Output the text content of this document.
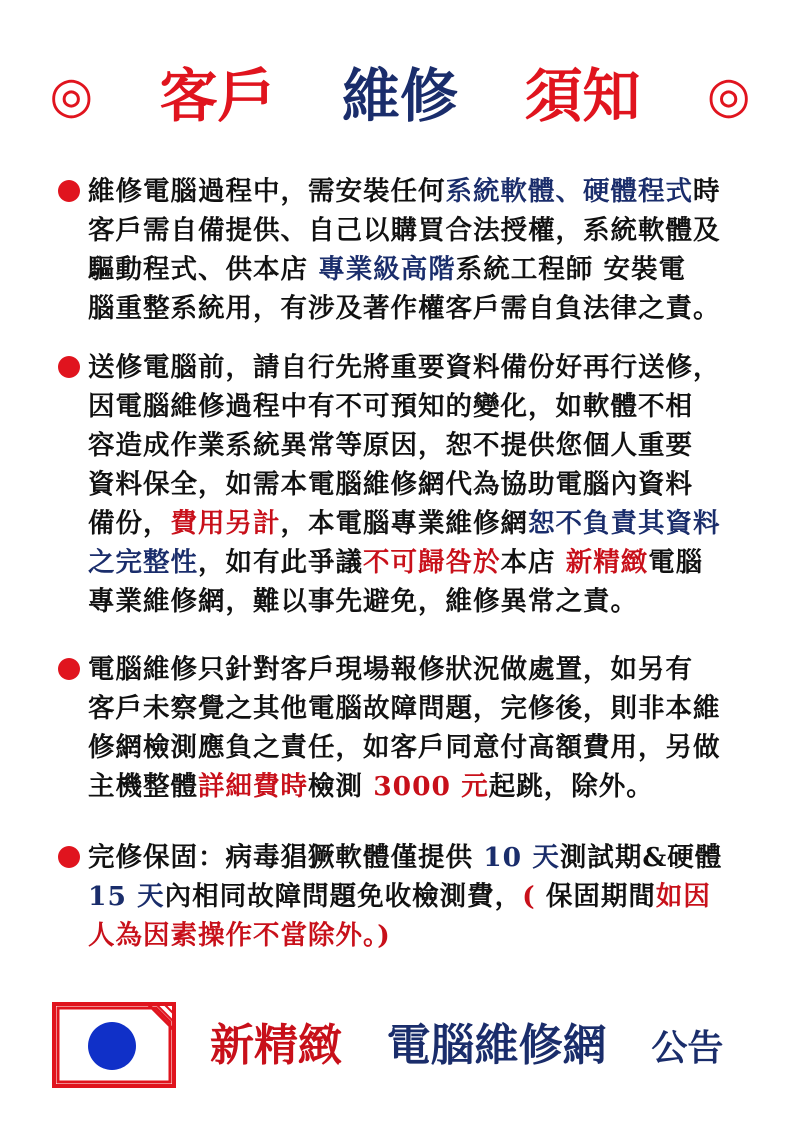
◎ 客戶 維修 須知 ◎
維修電腦過程中，需安裝任何系統軟體、硬體程式時
客戶需自備提供、自己以購買合法授權，系統軟體及
驅動程式、供本店 專業級高階系統工程師 安裝電
腦重整系統用，有涉及著作權客戶需自負法律之責。
送修電腦前，請自行先將重要資料備份好再行送修，
因電腦維修過程中有不可預知的變化，如軟體不相
容造成作業系統異常等原因，恕不提供您個人重要
資料保全，如需本電腦維修網代為協助電腦內資料
備份，費用另計，本電腦專業維修網恕不負責其資料
之完整性，如有此爭議不可歸咎於本店 新精緻電腦
專業維修網，難以事先避免，維修異常之責。
電腦維修只針對客戶現場報修狀況做處置，如另有
客戶未察覺之其他電腦故障問題，完修後，則非本維
修網檢測應負之責任，如客戶同意付高額費用，另做
主機整體詳細費時檢測 3000 元起跳，除外。
完修保固：病毒猖獗軟體僅提供 10 天測試期&硬體
15 天內相同故障問題免收檢測費，( 保固期間如因
人為因素操作不當除外。)
新精緻 電腦維修網 公告
